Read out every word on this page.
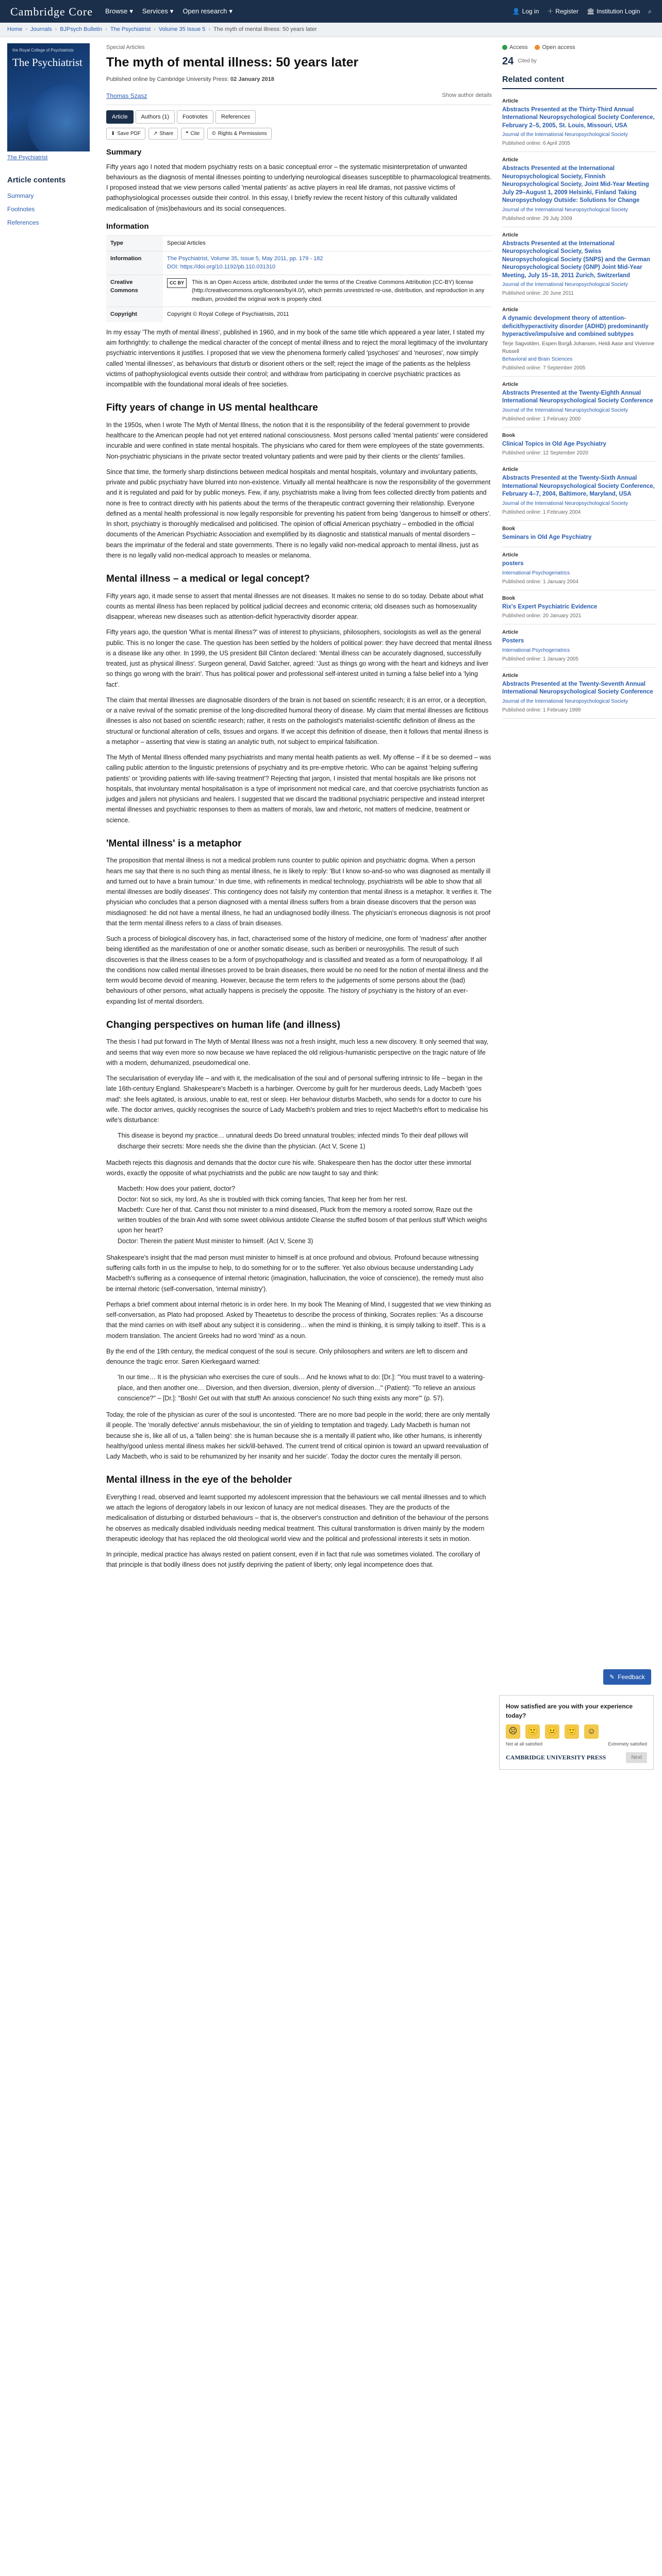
Cambridge Core Browse ▾ Services ▾ Open research ▾	👤 Log in ＋ Register 🏛 Institution Login ⌕
Home › Journals › BJPsych Bulletin › The Psychiatrist › Volume 35 Issue 5 › The myth of mental illness: 50 years later
the Royal College of Psychiatrists
The Psychiatrist
The Psychiatrist
Article contents
Summary
Footnotes
References
Special Articles
The myth of mental illness: 50 years later
Published online by Cambridge University Press: 02 January 2018
Thomas Szasz	Show author details
Article	Authors (1)	Footnotes	References
⬇ Save PDF ↗ Share ❝ Cite © Rights & Permissions
Summary

Fifty years ago I noted that modern psychiatry rests on a basic conceptual error – the systematic misinterpretation of unwanted behaviours as the diagnosis of mental illnesses pointing to underlying neurological diseases susceptible to pharmacological treatments. I proposed instead that we view persons called 'mental patients' as active players in real life dramas, not passive victims of pathophysiological processes outside their control. In this essay, I briefly review the recent history of this culturally validated medicalisation of (mis)behaviours and its social consequences.

Information
Type	Special Articles
Information	The Psychiatrist, Volume 35, Issue 5, May 2011, pp. 179 - 182
DOI: https://doi.org/10.1192/pb.110.031310

Creative Commons	CC BY This is an Open Access article, distributed under the terms of the Creative Commons Attribution (CC-BY) license (http://creativecommons.org/licenses/by/4.0/), which permits unrestricted re-use, distribution, and reproduction in any medium, provided the original work is properly cited.

Copyright	Copyright © Royal College of Psychiatrists, 2011

In my essay 'The myth of mental illness', published in 1960, and in my book of the same title which appeared a year later, I stated my aim forthrightly: to challenge the medical character of the concept of mental illness and to reject the moral legitimacy of the involuntary psychiatric interventions it justifies. I proposed that we view the phenomena formerly called 'psychoses' and 'neuroses', now simply called 'mental illnesses', as behaviours that disturb or disorient others or the self; reject the image of the patients as the helpless victims of pathophysiological events outside their control; and withdraw from participating in coercive psychiatric practices as incompatible with the foundational moral ideals of free societies.

Fifty years of change in US mental healthcare

In the 1950s, when I wrote The Myth of Mental Illness, the notion that it is the responsibility of the federal government to provide healthcare to the American people had not yet entered national consciousness. Most persons called 'mental patients' were considered incurable and were confined in state mental hospitals. The physicians who cared for them were employees of the state governments. Non-psychiatric physicians in the private sector treated voluntary patients and were paid by their clients or the clients' families.

Since that time, the formerly sharp distinctions between medical hospitals and mental hospitals, voluntary and involuntary patients, private and public psychiatry have blurred into non-existence. Virtually all mental healthcare is now the responsibility of the government and it is regulated and paid for by public moneys. Few, if any, psychiatrists make a living from fees collected directly from patients and none is free to contract directly with his patients about the terms of the therapeutic contract governing their relationship. Everyone defined as a mental health professional is now legally responsible for preventing his patient from being 'dangerous to himself or others'. In short, psychiatry is thoroughly medicalised and politicised. The opinion of official American psychiatry – embodied in the official documents of the American Psychiatric Association and exemplified by its diagnostic and statistical manuals of mental disorders – bears the imprimatur of the federal and state governments. There is no legally valid non-medical approach to mental illness, just as there is no legally valid non-medical approach to measles or melanoma.

Mental illness – a medical or legal concept?

Fifty years ago, it made sense to assert that mental illnesses are not diseases. It makes no sense to do so today. Debate about what counts as mental illness has been replaced by political judicial decrees and economic criteria; old diseases such as homosexuality disappear, whereas new diseases such as attention-deficit hyperactivity disorder appear.

Fifty years ago, the question 'What is mental illness?' was of interest to physicians, philosophers, sociologists as well as the general public. This is no longer the case. The question has been settled by the holders of political power: they have decreed that mental illness is a disease like any other. In 1999, the US president Bill Clinton declared: 'Mental illness can be accurately diagnosed, successfully treated, just as physical illness'. Surgeon general, David Satcher, agreed: 'Just as things go wrong with the heart and kidneys and liver so things go wrong with the brain'. Thus has political power and professional self-interest united in turning a false belief into a 'lying fact'.

The claim that mental illnesses are diagnosable disorders of the brain is not based on scientific research; it is an error, or a deception, or a naïve revival of the somatic premise of the long-discredited humoral theory of disease. My claim that mental illnesses are fictitious illnesses is also not based on scientific research; rather, it rests on the pathologist's materialist-scientific definition of illness as the structural or functional alteration of cells, tissues and organs. If we accept this definition of disease, then it follows that mental illness is a metaphor – asserting that view is stating an analytic truth, not subject to empirical falsification.

The Myth of Mental Illness offended many psychiatrists and many mental health patients as well. My offense – if it be so deemed – was calling public attention to the linguistic pretensions of psychiatry and its pre-emptive rhetoric. Who can be against 'helping suffering patients' or 'providing patients with life-saving treatment'? Rejecting that jargon, I insisted that mental hospitals are like prisons not hospitals, that involuntary mental hospitalisation is a type of imprisonment not medical care, and that coercive psychiatrists function as judges and jailers not physicians and healers. I suggested that we discard the traditional psychiatric perspective and instead interpret mental illnesses and psychiatric responses to them as matters of morals, law and rhetoric, not matters of medicine, treatment or science.

'Mental illness' is a metaphor

The proposition that mental illness is not a medical problem runs counter to public opinion and psychiatric dogma. When a person hears me say that there is no such thing as mental illness, he is likely to reply: 'But I know so-and-so who was diagnosed as mentally ill and turned out to have a brain tumour.' In due time, with refinements in medical technology, psychiatrists will be able to show that all mental illnesses are bodily diseases'. This contingency does not falsify my contention that mental illness is a metaphor. It verifies it. The physician who concludes that a person diagnosed with a mental illness suffers from a brain disease discovers that the person was misdiagnosed: he did not have a mental illness, he had an undiagnosed bodily illness. The physician's erroneous diagnosis is not proof that the term mental illness refers to a class of brain diseases.

Such a process of biological discovery has, in fact, characterised some of the history of medicine, one form of 'madness' after another being identified as the manifestation of one or another somatic disease, such as beriberi or neurosyphilis. The result of such discoveries is that the illness ceases to be a form of psychopathology and is classified and treated as a form of neuropathology. If all the conditions now called mental illnesses proved to be brain diseases, there would be no need for the notion of mental illness and the term would become devoid of meaning. However, because the term refers to the judgements of some persons about the (bad) behaviours of other persons, what actually happens is precisely the opposite. The history of psychiatry is the history of an ever-expanding list of mental disorders.

Changing perspectives on human life (and illness)

The thesis I had put forward in The Myth of Mental Illness was not a fresh insight, much less a new discovery. It only seemed that way, and seems that way even more so now because we have replaced the old religious-humanistic perspective on the tragic nature of life with a modern, dehumanized, pseudomedical one.

The secularisation of everyday life – and with it, the medicalisation of the soul and of personal suffering intrinsic to life – began in the late 16th-century England. Shakespeare's Macbeth is a harbinger. Overcome by guilt for her murderous deeds, Lady Macbeth 'goes mad': she feels agitated, is anxious, unable to eat, rest or sleep. Her behaviour disturbs Macbeth, who sends for a doctor to cure his wife. The doctor arrives, quickly recognises the source of Lady Macbeth's problem and tries to reject Macbeth's effort to medicalise his wife's disturbance:

This disease is beyond my practice… unnatural deeds Do breed unnatural troubles; infected minds To their deaf pillows will discharge their secrets: More needs she the divine than the physician. (Act V, Scene 1)

Macbeth rejects this diagnosis and demands that the doctor cure his wife. Shakespeare then has the doctor utter these immortal words, exactly the opposite of what psychiatrists and the public are now taught to say and think:

Macbeth: How does your patient, doctor?
Doctor: Not so sick, my lord, As she is troubled with thick coming fancies, That keep her from her rest.
Macbeth: Cure her of that. Canst thou not minister to a mind diseased, Pluck from the memory a rooted sorrow, Raze out the written troubles of the brain And with some sweet oblivious antidote Cleanse the stuffed bosom of that perilous stuff Which weighs upon her heart?
Doctor: Therein the patient Must minister to himself. (Act V, Scene 3)

Shakespeare's insight that the mad person must minister to himself is at once profound and obvious. Profound because witnessing suffering calls forth in us the impulse to help, to do something for or to the sufferer. Yet also obvious because understanding Lady Macbeth's suffering as a consequence of internal rhetoric (imagination, hallucination, the voice of conscience), the remedy must also be internal rhetoric (self-conversation, 'internal ministry').

Perhaps a brief comment about internal rhetoric is in order here. In my book The Meaning of Mind, I suggested that we view thinking as self-conversation, as Plato had proposed. Asked by Theaetetus to describe the process of thinking, Socrates replies: 'As a discourse that the mind carries on with itself about any subject it is considering… when the mind is thinking, it is simply talking to itself'. This is a modern translation. The ancient Greeks had no word 'mind' as a noun.

By the end of the 19th century, the medical conquest of the soul is secure. Only philosophers and writers are left to discern and denounce the tragic error. Søren Kierkegaard warned:

'In our time… It is the physician who exercises the cure of souls… And he knows what to do: [Dr.]: "You must travel to a watering-place, and then another one… Diversion, and then diversion, diversion, plenty of diversion…" (Patient): "To relieve an anxious conscience?" – [Dr.]: "Bosh! Get out with that stuff! An anxious conscience! No such thing exists any more"' (p. 57).

Today, the role of the physician as curer of the soul is uncontested. 'There are no more bad people in the world; there are only mentally ill people. The 'morally defective' annuls misbehaviour, the sin of yielding to temptation and tragedy. Lady Macbeth is human not because she is, like all of us, a 'fallen being': she is human because she is a mentally ill patient who, like other humans, is inherently healthy/good unless mental illness makes her sick/ill-behaved. The current trend of critical opinion is toward an upward reevaluation of Lady Macbeth, who is said to be rehumanized by her insanity and her suicide'. Today the doctor cures the mentally ill person.

Mental illness in the eye of the beholder

Everything I read, observed and learnt supported my adolescent impression that the behaviours we call mental illnesses and to which we attach the legions of derogatory labels in our lexicon of lunacy are not medical diseases. They are the products of the medicalisation of disturbing or disturbed behaviours – that is, the observer's construction and definition of the behaviour of the persons he observes as medically disabled individuals needing medical treatment. This cultural transformation is driven mainly by the modern therapeutic ideology that has replaced the old theological world view and the political and professional interests it sets in motion.

In principle, medical practice has always rested on patient consent, even if in fact that rule was sometimes violated. The corollary of that principle is that bodily illness does not justify depriving the patient of liberty; only legal incompetence does that.

Access	Open access
24 Cited by
Related content
Article
Abstracts Presented at the Thirty-Third Annual International Neuropsychological Society Conference, February 2–5, 2005, St. Louis, Missouri, USA
Journal of the International Neuropsychological Society
Published online: 6 April 2005
Article
Abstracts Presented at the International Neuropsychological Society, Finnish Neuropsychological Society, Joint Mid-Year Meeting July 29–August 1, 2009 Helsinki, Finland Taking Neuropsychology Outside: Solutions for Change
Journal of the International Neuropsychological Society
Published online: 29 July 2009
Article
Abstracts Presented at the International Neuropsychological Society, Swiss Neuropsychological Society (SNPS) and the German Neuropsychological Society (GNP) Joint Mid-Year Meeting, July 15–18, 2011 Zurich, Switzerland
Journal of the International Neuropsychological Society
Published online: 20 June 2011
Article
A dynamic development theory of attention-deficit/hyperactivity disorder (ADHD) predominantly hyperactive/impulsive and combined subtypes
Terje Sagvolden, Espen Borgå Johansen, Heidi Aase and Vivienne Russell
Behavioral and Brain Sciences
Published online: 7 September 2005
Article
Abstracts Presented at the Twenty-Eighth Annual International Neuropsychological Society Conference
Journal of the International Neuropsychological Society
Published online: 1 February 2000
Book
Clinical Topics in Old Age Psychiatry
Published online: 12 September 2020
Article
Abstracts Presented at the Twenty-Sixth Annual International Neuropsychological Society Conference, February 4–7, 2004, Baltimore, Maryland, USA
Journal of the International Neuropsychological Society
Published online: 1 February 2004
Book
Seminars in Old Age Psychiatry
Article
posters
International Psychogeriatrics
Published online: 1 January 2004
Book
Rix's Expert Psychiatric Evidence
Published online: 20 January 2021
Article
Posters
International Psychogeriatrics
Published online: 1 January 2005
Article
Abstracts Presented at the Twenty-Seventh Annual International Neuropsychological Society Conference
Journal of the International Neuropsychological Society
Published online: 1 February 1999
✎ Feedback
How satisfied are you with your experience today?
☹	🙁 😐 🙂	☺
Not at all satisfied	Extremely satisfied
CAMBRIDGE UNIVERSITY PRESS	Next
